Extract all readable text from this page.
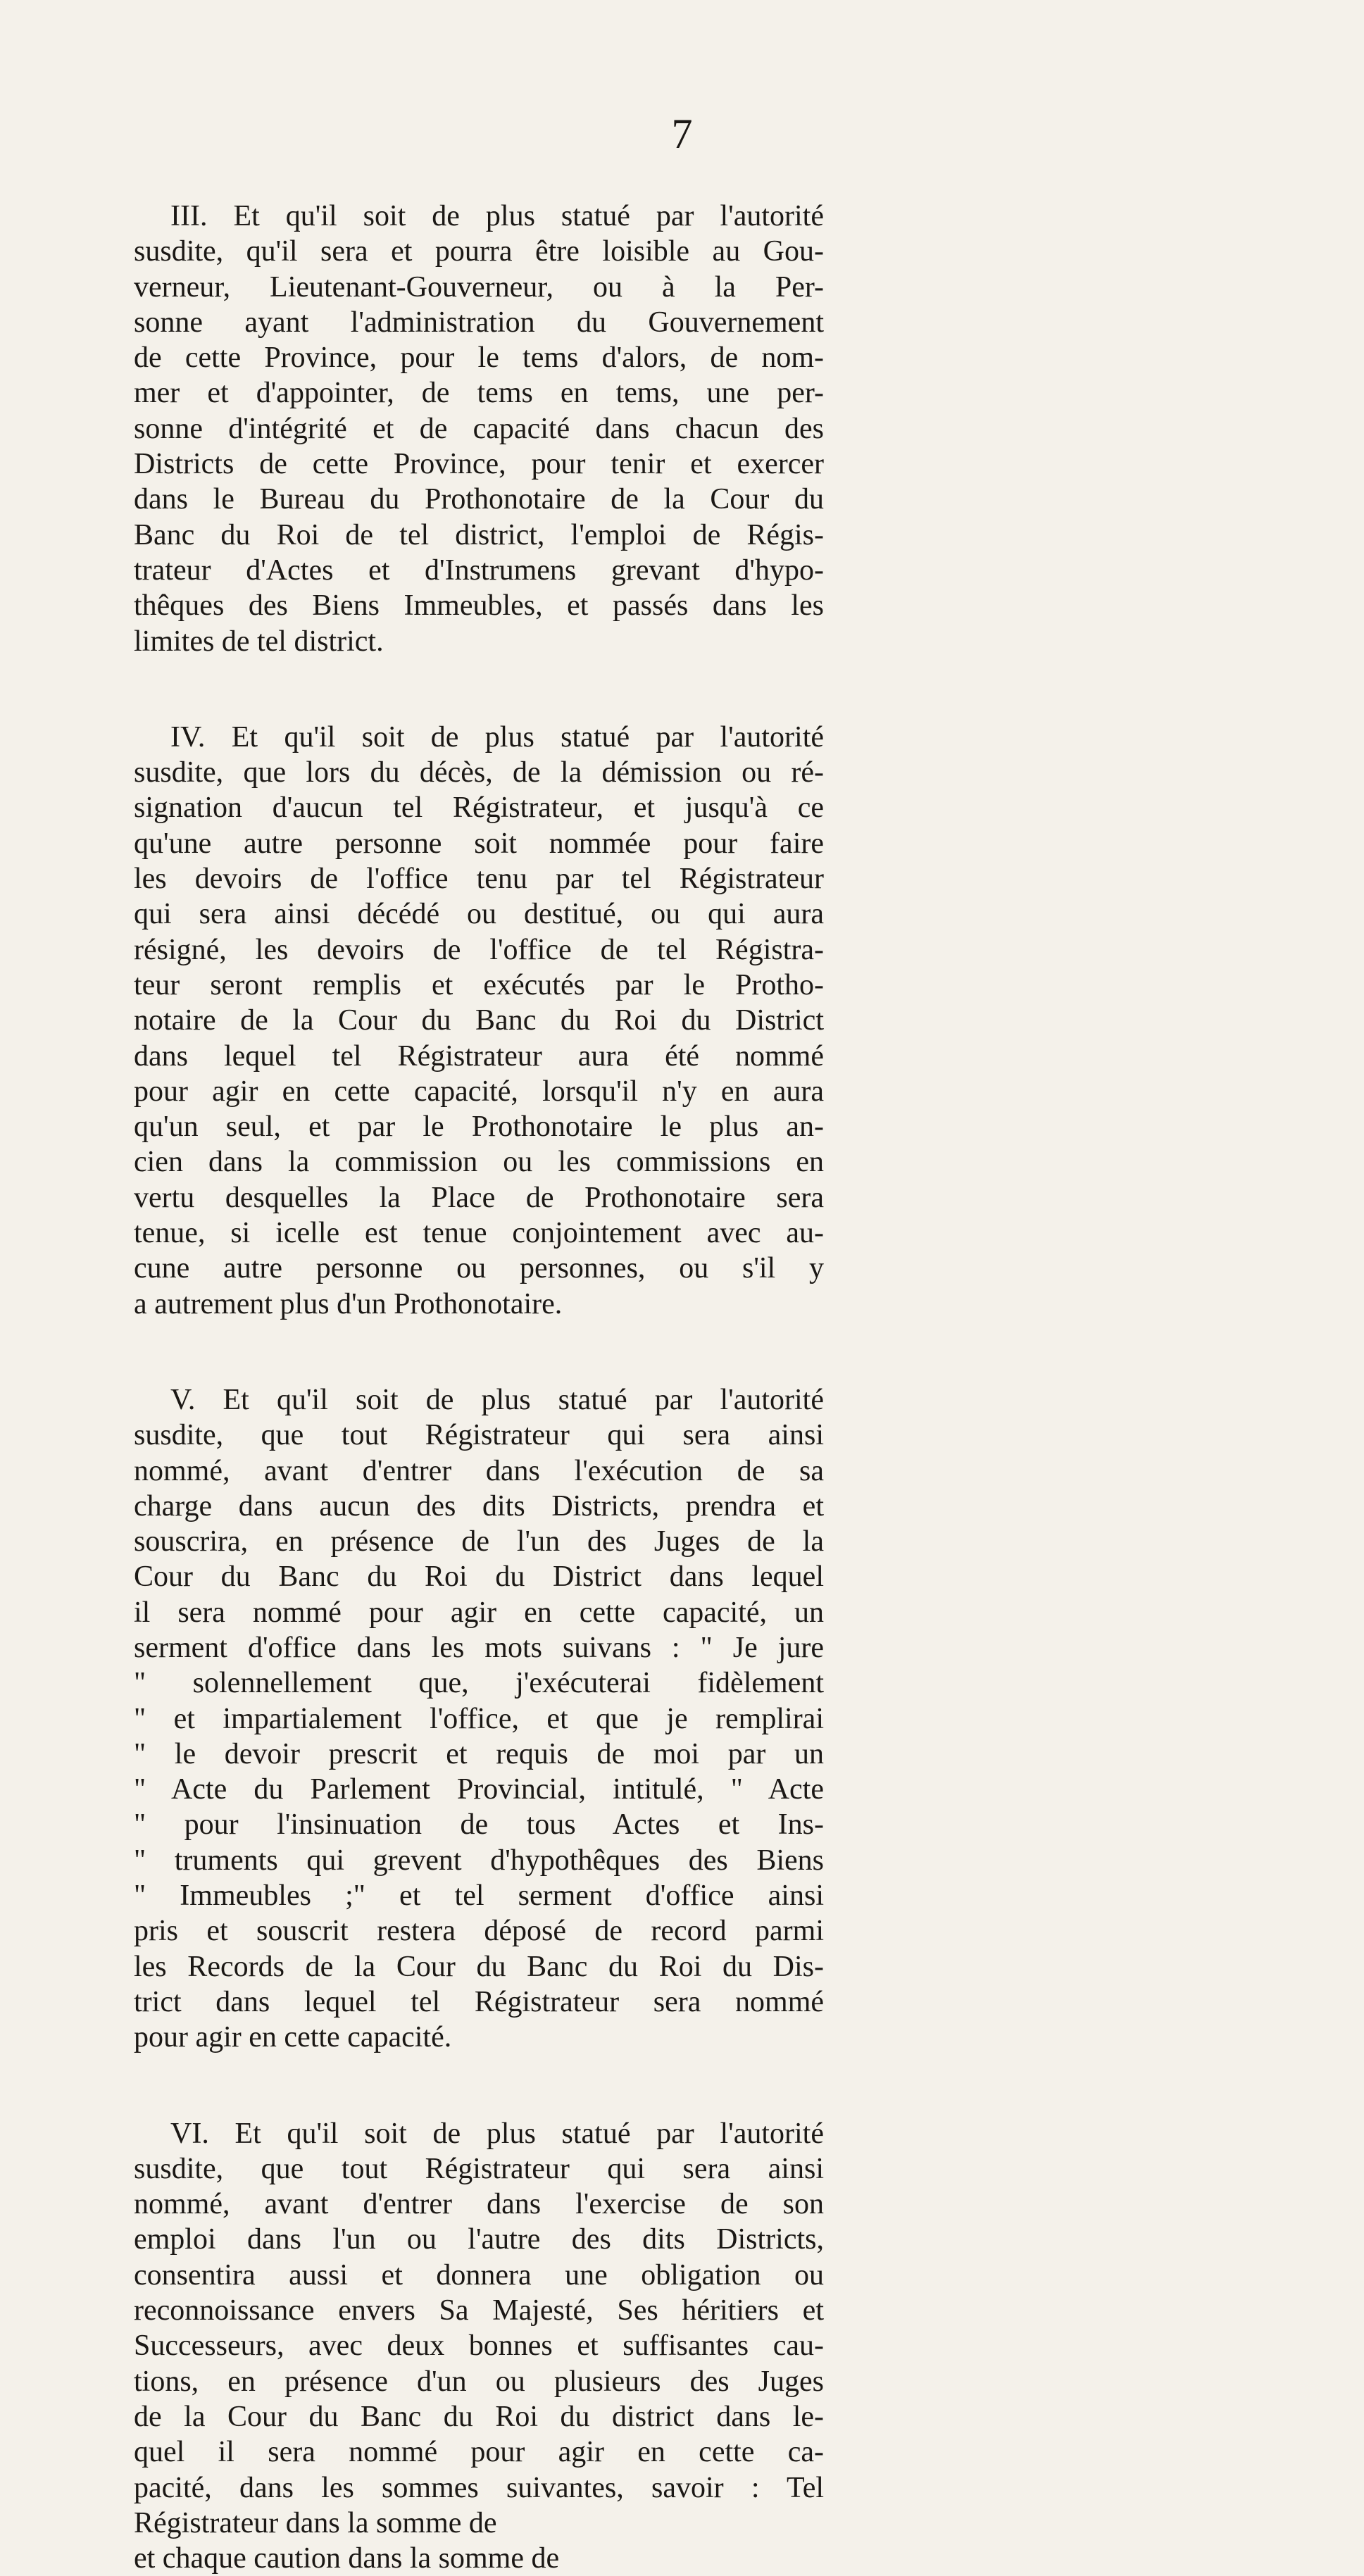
7
III. Et qu'il soit de plus statué par l'autorité
susdite, qu'il sera et pourra être loisible au Gou-
verneur, Lieutenant-Gouverneur, ou à la Per-
sonne ayant l'administration du Gouvernement
de cette Province, pour le tems d'alors, de nom-
mer et d'appointer, de tems en tems, une per-
sonne d'intégrité et de capacité dans chacun des
Districts de cette Province, pour tenir et exercer
dans le Bureau du Prothonotaire de la Cour du
Banc du Roi de tel district, l'emploi de Régis-
trateur d'Actes et d'Instrumens grevant d'hypo-
thêques des Biens Immeubles, et passés dans les
limites de tel district.
IV. Et qu'il soit de plus statué par l'autorité
susdite, que lors du décès, de la démission ou ré-
signation d'aucun tel Régistrateur, et jusqu'à ce
qu'une autre personne soit nommée pour faire
les devoirs de l'office tenu par tel Régistrateur
qui sera ainsi décédé ou destitué, ou qui aura
résigné, les devoirs de l'office de tel Régistra-
teur seront remplis et exécutés par le Protho-
notaire de la Cour du Banc du Roi du District
dans lequel tel Régistrateur aura été nommé
pour agir en cette capacité, lorsqu'il n'y en aura
qu'un seul, et par le Prothonotaire le plus an-
cien dans la commission ou les commissions en
vertu desquelles la Place de Prothonotaire sera
tenue, si icelle est tenue conjointement avec au-
cune autre personne ou personnes, ou s'il y
a autrement plus d'un Prothonotaire.
V. Et qu'il soit de plus statué par l'autorité
susdite, que tout Régistrateur qui sera ainsi
nommé, avant d'entrer dans l'exécution de sa
charge dans aucun des dits Districts, prendra et
souscrira, en présence de l'un des Juges de la
Cour du Banc du Roi du District dans lequel
il sera nommé pour agir en cette capacité, un
serment d'office dans les mots suivans : " Je jure
" solennellement que, j'exécuterai fidèlement
" et impartialement l'office, et que je remplirai
" le devoir prescrit et requis de moi par un
" Acte du Parlement Provincial, intitulé, " Acte
" pour l'insinuation de tous Actes et Ins-
" truments qui grevent d'hypothêques des Biens
" Immeubles ;" et tel serment d'office ainsi
pris et souscrit restera déposé de record parmi
les Records de la Cour du Banc du Roi du Dis-
trict dans lequel tel Régistrateur sera nommé
pour agir en cette capacité.
VI. Et qu'il soit de plus statué par l'autorité
susdite, que tout Régistrateur qui sera ainsi
nommé, avant d'entrer dans l'exercise de son
emploi dans l'un ou l'autre des dits Districts,
consentira aussi et donnera une obligation ou
reconnoissance envers Sa Majesté, Ses héritiers et
Successeurs, avec deux bonnes et suffisantes cau-
tions, en présence d'un ou plusieurs des Juges
de la Cour du Banc du Roi du district dans le-
quel il sera nommé pour agir en cette ca-
pacité, dans les sommes suivantes, savoir : Tel
Régistrateur dans la somme de
et chaque caution dans la somme de
